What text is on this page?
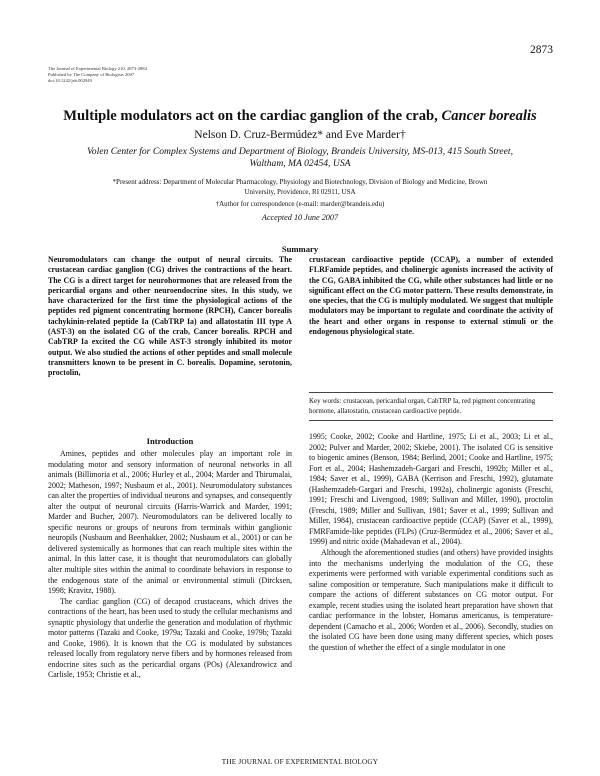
2873
The Journal of Experimental Biology 210, 2873-2884
Published by The Company of Biologists 2007
doi:10.1242/jeb.002949
Multiple modulators act on the cardiac ganglion of the crab, Cancer borealis
Nelson D. Cruz-Bermúdez* and Eve Marder†
Volen Center for Complex Systems and Department of Biology, Brandeis University, MS-013, 415 South Street,
Waltham, MA 02454, USA
*Present address: Department of Molecular Pharmacology, Physiology and Biotechnology, Division of Biology and Medicine, Brown
University, Providence, RI 02911, USA
†Author for correspondence (e-mail: marder@brandeis.edu)
Accepted 10 June 2007
Summary

Neuromodulators can change the output of neural circuits. The crustacean cardiac ganglion (CG) drives the contractions of the heart. The CG is a direct target for neurohormones that are released from the pericardial organs and other neuroendocrine sites. In this study, we have characterized for the first time the physiological actions of the peptides red pigment concentrating hormone (RPCH), Cancer borealis tachykinin-related peptide Ia (CabTRP Ia) and allatostatin III type A (AST-3) on the isolated CG of the crab, Cancer borealis. RPCH and CabTRP Ia excited the CG while AST-3 strongly inhibited its motor output. We also studied the actions of other peptides and small molecule transmitters known to be present in C. borealis. Dopamine, serotonin, proctolin,

crustacean cardioactive peptide (CCAP), a number of extended FLRFamide peptides, and cholinergic agonists increased the activity of the CG, GABA inhibited the CG, while other substances had little or no significant effect on the CG motor pattern. These results demonstrate, in one species, that the CG is multiply modulated. We suggest that multiple modulators may be important to regulate and coordinate the activity of the heart and other organs in response to external stimuli or the endogenous physiological state.

Key words: crustacean, pericardial organ, CabTRP Ia, red pigment concentrating hormone, allatostatin, crustacean cardioactive peptide.

Introduction

Amines, peptides and other molecules play an important role in modulating motor and sensory information of neuronal networks in all animals (Billimoria et al., 2006; Hurley et al., 2004; Marder and Thirumalai, 2002; Matheson, 1997; Nusbaum et al., 2001). Neuromodulatory substances can alter the properties of individual neurons and synapses, and consequently alter the output of neuronal circuits (Harris-Warrick and Marder, 1991; Marder and Bucher, 2007). Neuromodulators can be delivered locally to specific neurons or groups of neurons from terminals within ganglionic neuropils (Nusbaum and Beenhakker, 2002; Nusbaum et al., 2001) or can be delivered systemically as hormones that can reach multiple sites within the animal. In this latter case, it is thought that neuromodulators can globally alter multiple sites within the animal to coordinate behaviors in response to the endogenous state of the animal or environmental stimuli (Dircksen, 1998; Kravitz, 1988).

The cardiac ganglion (CG) of decapod crustaceans, which drives the contractions of the heart, has been used to study the cellular mechanisms and synaptic physiology that underlie the generation and modulation of rhythmic motor patterns (Tazaki and Cooke, 1979a; Tazaki and Cooke, 1979b; Tazaki and Cooke, 1986). It is known that the CG is modulated by substances released locally from regulatory nerve fibers and by hormones released from endocrine sites such as the pericardial organs (POs) (Alexandrowicz and Carlisle, 1953; Christie et al.,

1995; Cooke, 2002; Cooke and Hartline, 1975; Li et al., 2003; Li et al., 2002; Pulver and Marder, 2002; Skiebe, 2001). The isolated CG is sensitive to biogenic amines (Benson, 1984; Berlind, 2001; Cooke and Hartline, 1975; Fort et al., 2004; Hashemzadeh-Gargari and Freschi, 1992b; Miller et al., 1984; Saver et al., 1999), GABA (Kerrison and Freschi, 1992), glutamate (Hashemzadeh-Gargari and Freschi, 1992a), cholinergic agonists (Freschi, 1991; Freschi and Livengood, 1989; Sullivan and Miller, 1990), proctolin (Freschi, 1989; Miller and Sullivan, 1981; Saver et al., 1999; Sullivan and Miller, 1984), crustacean cardioactive peptide (CCAP) (Saver et al., 1999), FMRFamide-like peptides (FLPs) (Cruz-Bermúdez et al., 2006; Saver et al., 1999) and nitric oxide (Mahadevan et al., 2004).

Although the aforementioned studies (and others) have provided insights into the mechanisms underlying the modulation of the CG, these experiments were performed with variable experimental conditions such as saline composition or temperature. Such manipulations make it difficult to compare the actions of different substances on CG motor output. For example, recent studies using the isolated heart preparation have shown that cardiac performance in the lobster, Homarus americanus, is temperature-dependent (Camacho et al., 2006; Worden et al., 2006). Secondly, studies on the isolated CG have been done using many different species, which poses the question of whether the effect of a single modulator in one

THE JOURNAL OF EXPERIMENTAL BIOLOGY
